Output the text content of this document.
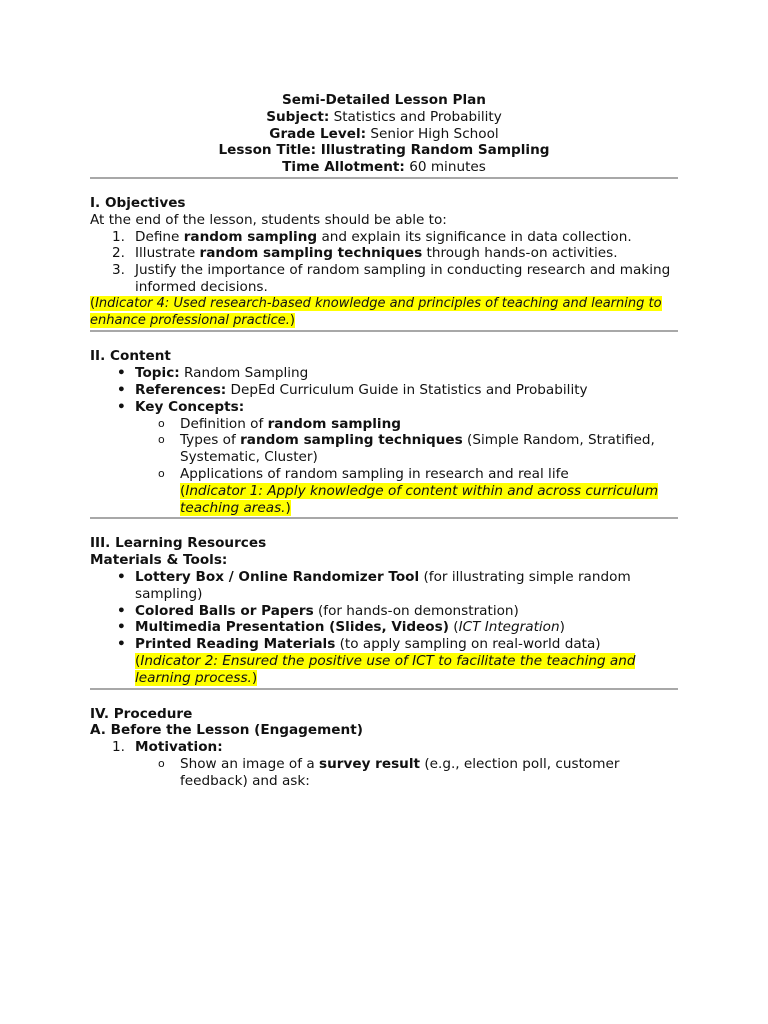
Semi-Detailed Lesson Plan
Subject: Statistics and Probability
Grade Level: Senior High School
Lesson Title: Illustrating Random Sampling
Time Allotment: 60 minutes
I. Objectives
At the end of the lesson, students should be able to:
1. Define random sampling and explain its significance in data collection.
2. Illustrate random sampling techniques through hands-on activities.
3. Justify the importance of random sampling in conducting research and making informed decisions.
(Indicator 4: Used research-based knowledge and principles of teaching and learning to enhance professional practice.)
II. Content
• Topic: Random Sampling
• References: DepEd Curriculum Guide in Statistics and Probability
• Key Concepts:
o Definition of random sampling
o Types of random sampling techniques (Simple Random, Stratified, Systematic, Cluster)
o Applications of random sampling in research and real life
(Indicator 1: Apply knowledge of content within and across curriculum teaching areas.)
III. Learning Resources
Materials & Tools:
• Lottery Box / Online Randomizer Tool (for illustrating simple random sampling)
• Colored Balls or Papers (for hands-on demonstration)
• Multimedia Presentation (Slides, Videos) (ICT Integration)
• Printed Reading Materials (to apply sampling on real-world data)
(Indicator 2: Ensured the positive use of ICT to facilitate the teaching and learning process.)
IV. Procedure
A. Before the Lesson (Engagement)
1. Motivation:
o Show an image of a survey result (e.g., election poll, customer feedback) and ask:
